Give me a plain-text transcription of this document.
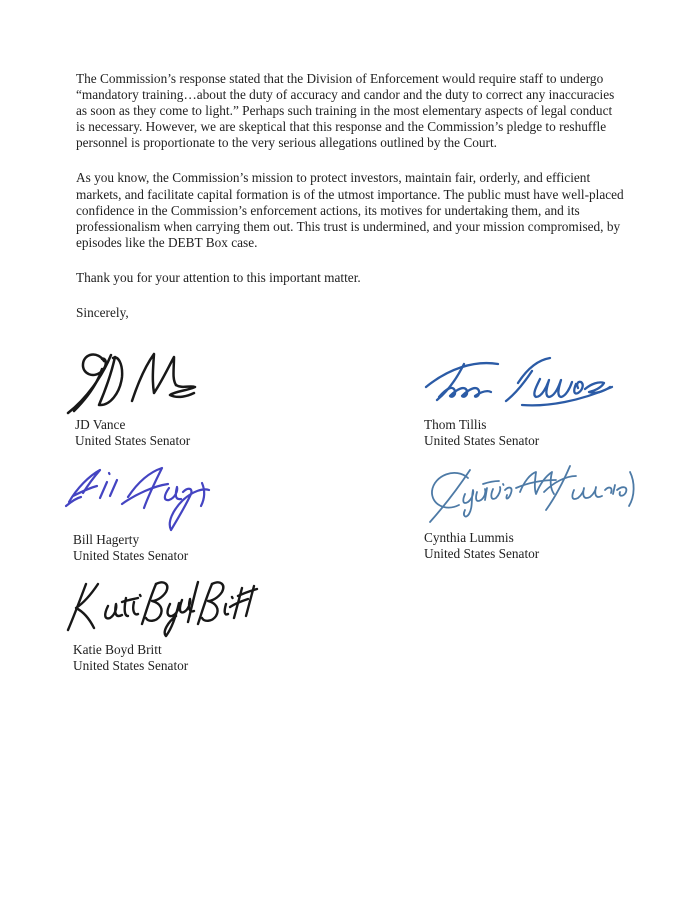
The Commission’s response stated that the Division of Enforcement would require staff to undergo “mandatory training…about the duty of accuracy and candor and the duty to correct any inaccuracies as soon as they come to light.” Perhaps such training in the most elementary aspects of legal conduct is necessary. However, we are skeptical that this response and the Commission’s pledge to reshuffle personnel is proportionate to the very serious allegations outlined by the Court.

As you know, the Commission’s mission to protect investors, maintain fair, orderly, and efficient markets, and facilitate capital formation is of the utmost importance. The public must have well-placed confidence in the Commission’s enforcement actions, its motives for undertaking them, and its professionalism when carrying them out. This trust is undermined, and your mission compromised, by episodes like the DEBT Box case.

Thank you for your attention to this important matter.

Sincerely,

JD Vance
United States Senator
Thom Tillis
United States Senator
Bill Hagerty
United States Senator
Cynthia Lummis
United States Senator
Katie Boyd Britt
United States Senator
